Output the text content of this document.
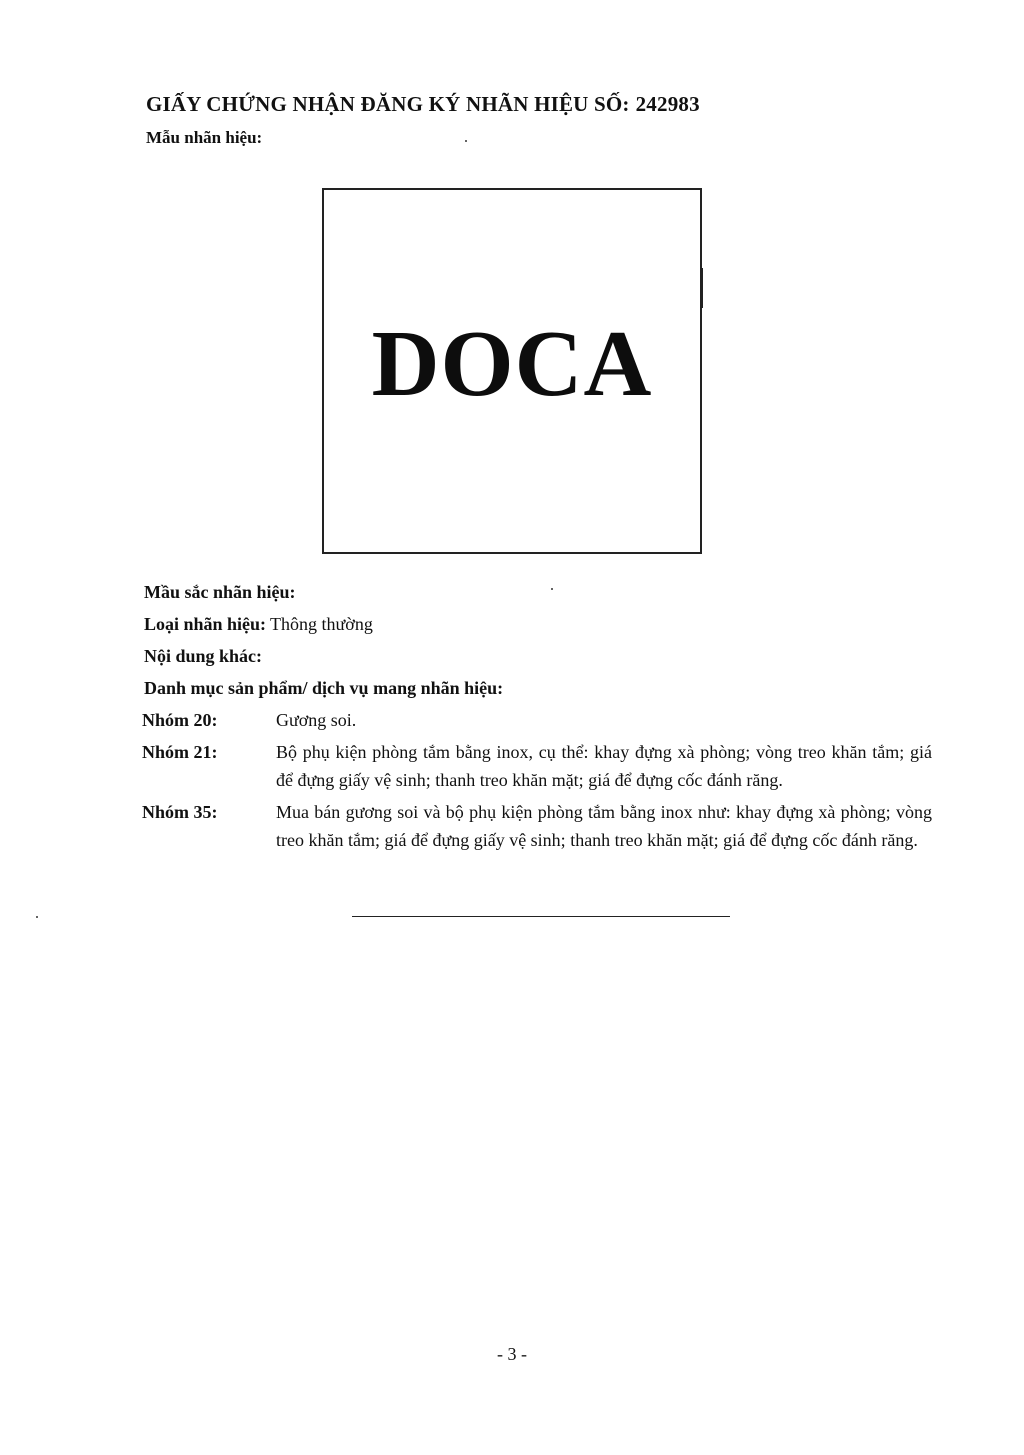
GIẤY CHỨNG NHẬN ĐĂNG KÝ NHÃN HIỆU SỐ: 242983
Mẫu nhãn hiệu:
DOCA
Mầu sắc nhãn hiệu:
Loại nhãn hiệu: Thông thường
Nội dung khác:
Danh mục sản phẩm/ dịch vụ mang nhãn hiệu:
Nhóm 20:	Gương soi.
Nhóm 21:	Bộ phụ kiện phòng tắm bằng inox, cụ thể: khay đựng xà phòng; vòng treo khăn tắm; giá để đựng giấy vệ sinh; thanh treo khăn mặt; giá để đựng cốc đánh răng.
Nhóm 35:	Mua bán gương soi và bộ phụ kiện phòng tắm bằng inox như: khay đựng xà phòng; vòng treo khăn tắm; giá để đựng giấy vệ sinh; thanh treo khăn mặt; giá để đựng cốc đánh răng.
- 3 -
